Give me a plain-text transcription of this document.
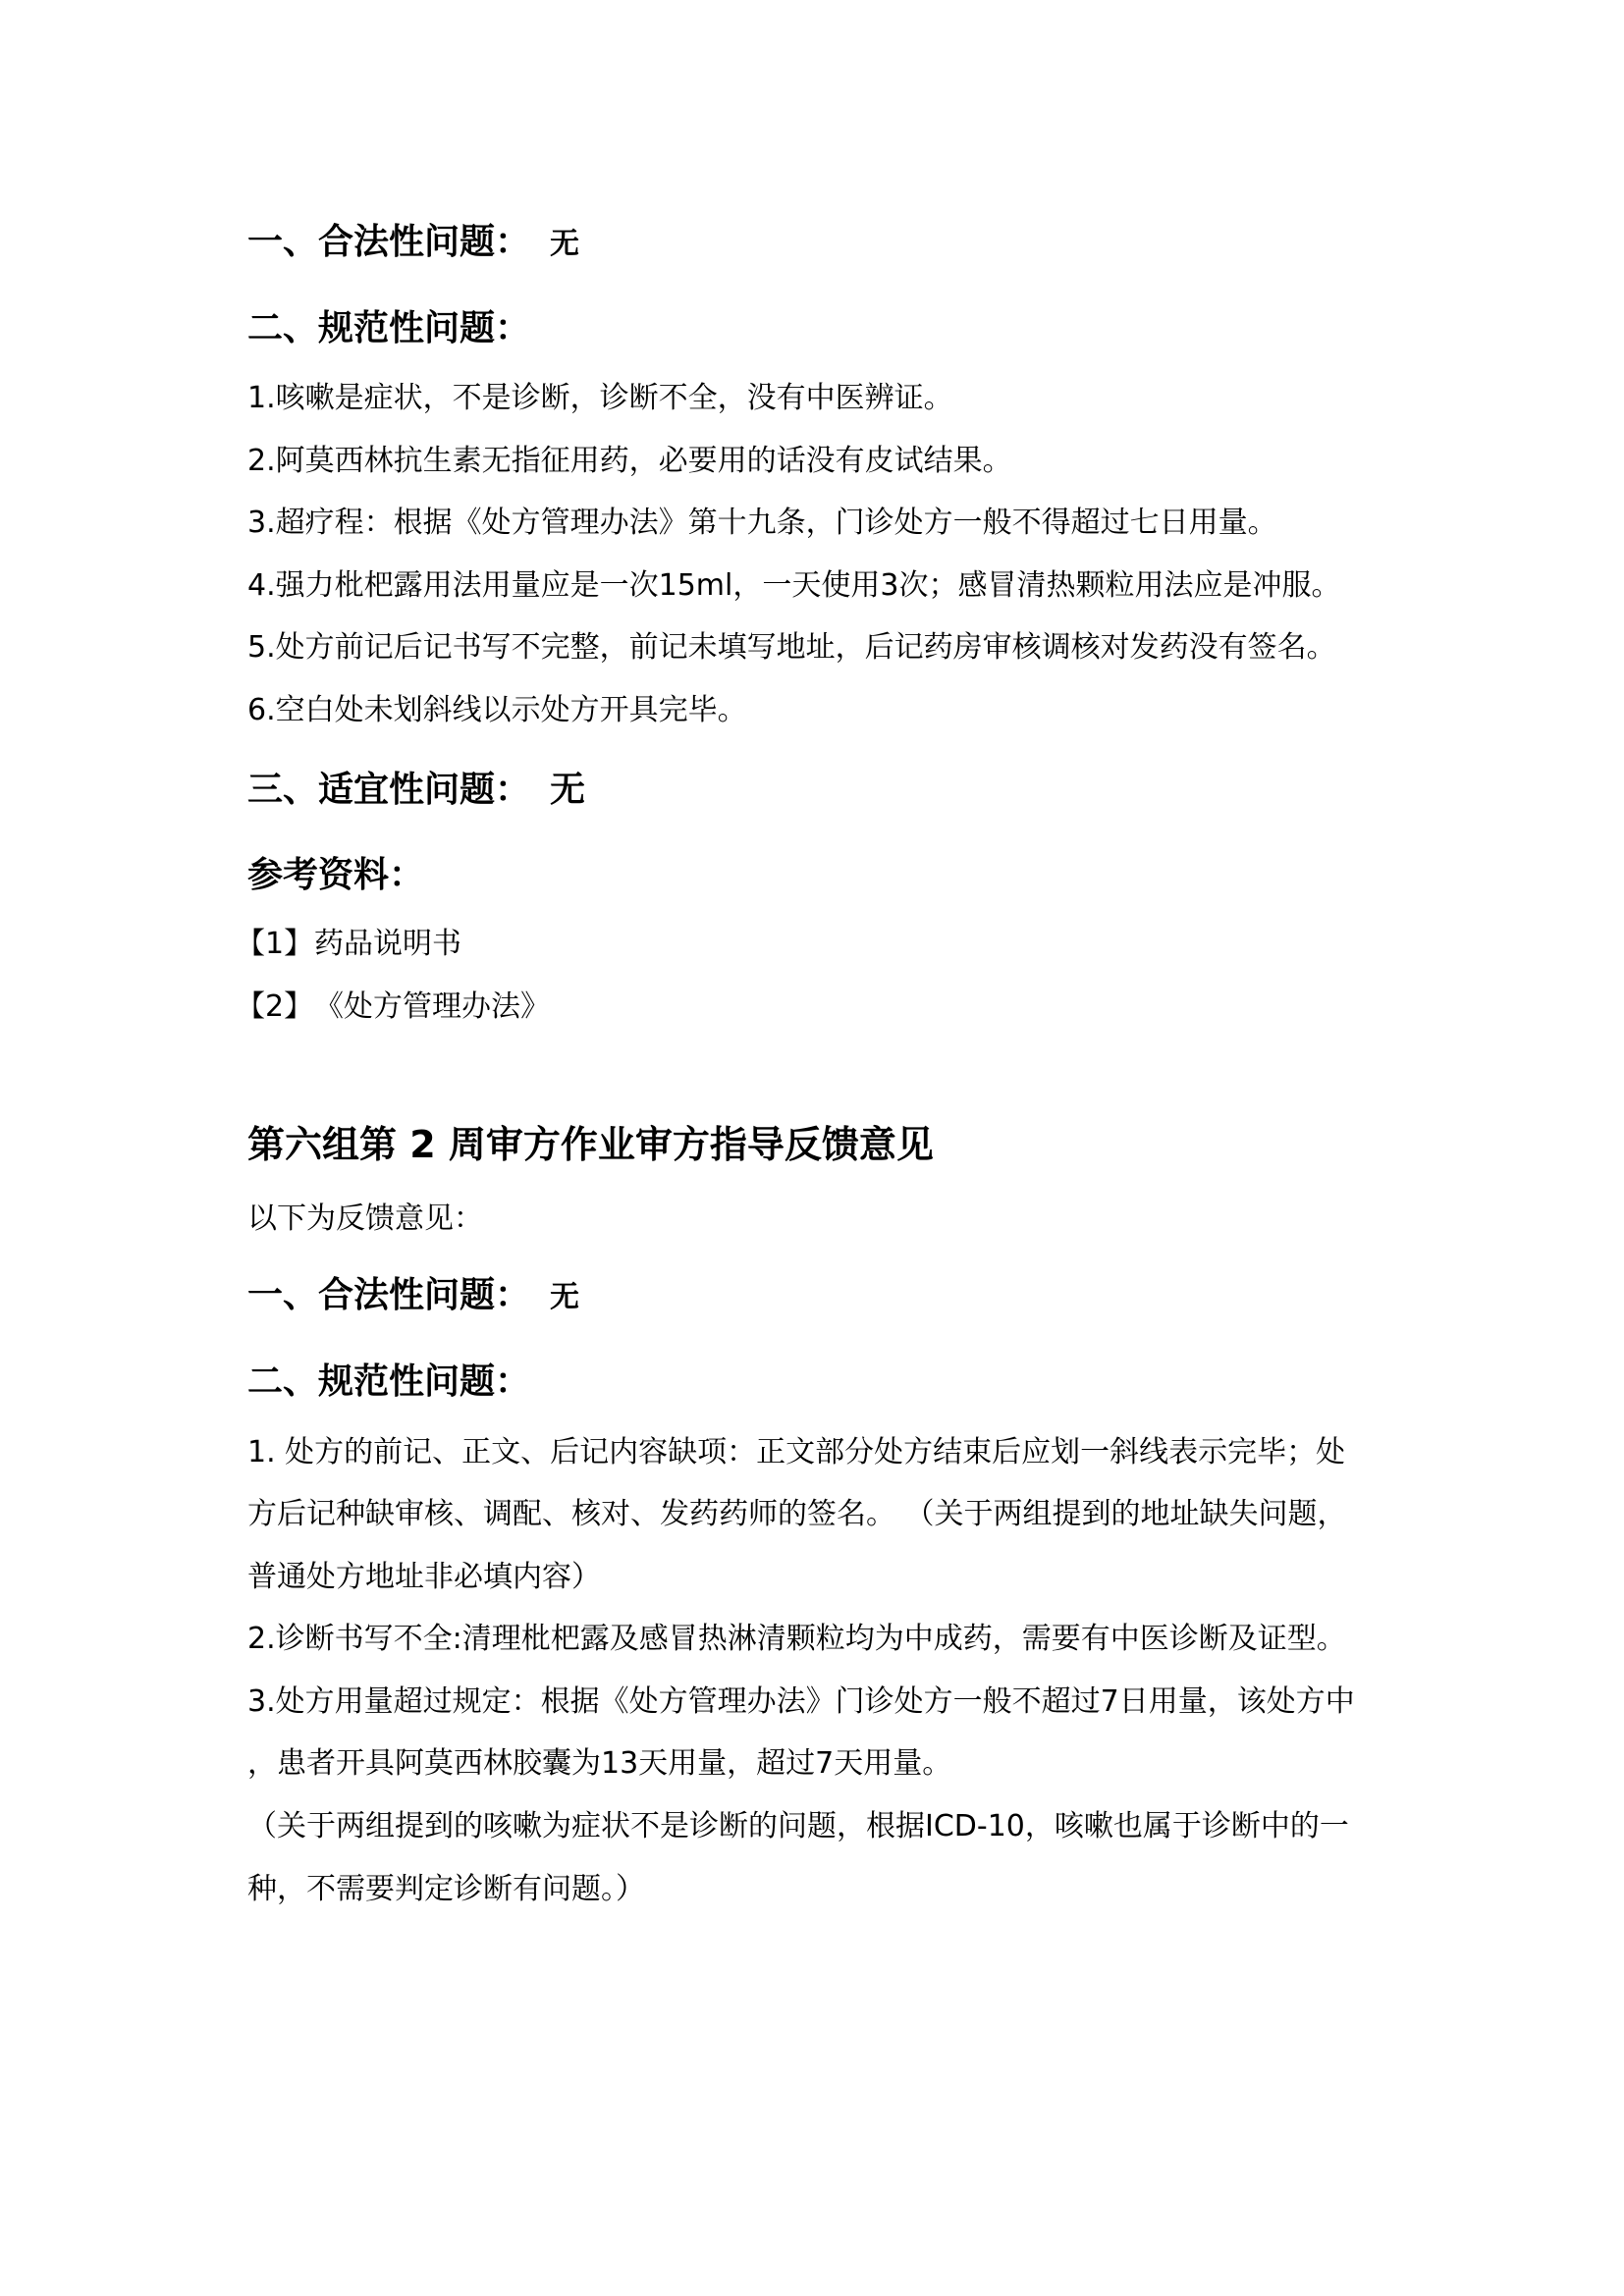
一、合法性问题： 无
二、规范性问题：

1.咳嗽是症状，不是诊断，诊断不全，没有中医辨证。

2.阿莫西林抗生素无指征用药，必要用的话没有皮试结果。

3.超疗程：根据《处方管理办法》第十九条，门诊处方一般不得超过七日用量。

4.强力枇杷露用法用量应是一次15ml，一天使用3次；感冒清热颗粒用法应是冲服。

5.处方前记后记书写不完整，前记未填写地址，后记药房审核调核对发药没有签名。

6.空白处未划斜线以示处方开具完毕。

三、适宜性问题： 无
参考资料：

【1】药品说明书

【2】《处方管理办法》

第六组第 2 周审方作业审方指导反馈意见

以下为反馈意见：

一、合法性问题： 无
二、规范性问题：

1. 处方的前记、正文、后记内容缺项：正文部分处方结束后应划一斜线表示完毕；处

方后记种缺审核、调配、核对、发药药师的签名。 （关于两组提到的地址缺失问题，

普通处方地址非必填内容）

2.诊断书写不全:清理枇杷露及感冒热淋清颗粒均为中成药，需要有中医诊断及证型。

3.处方用量超过规定：根据《处方管理办法》门诊处方一般不超过7日用量，该处方中

，患者开具阿莫西林胶囊为13天用量，超过7天用量。

（关于两组提到的咳嗽为症状不是诊断的问题，根据ICD-10，咳嗽也属于诊断中的一

种，不需要判定诊断有问题。）
